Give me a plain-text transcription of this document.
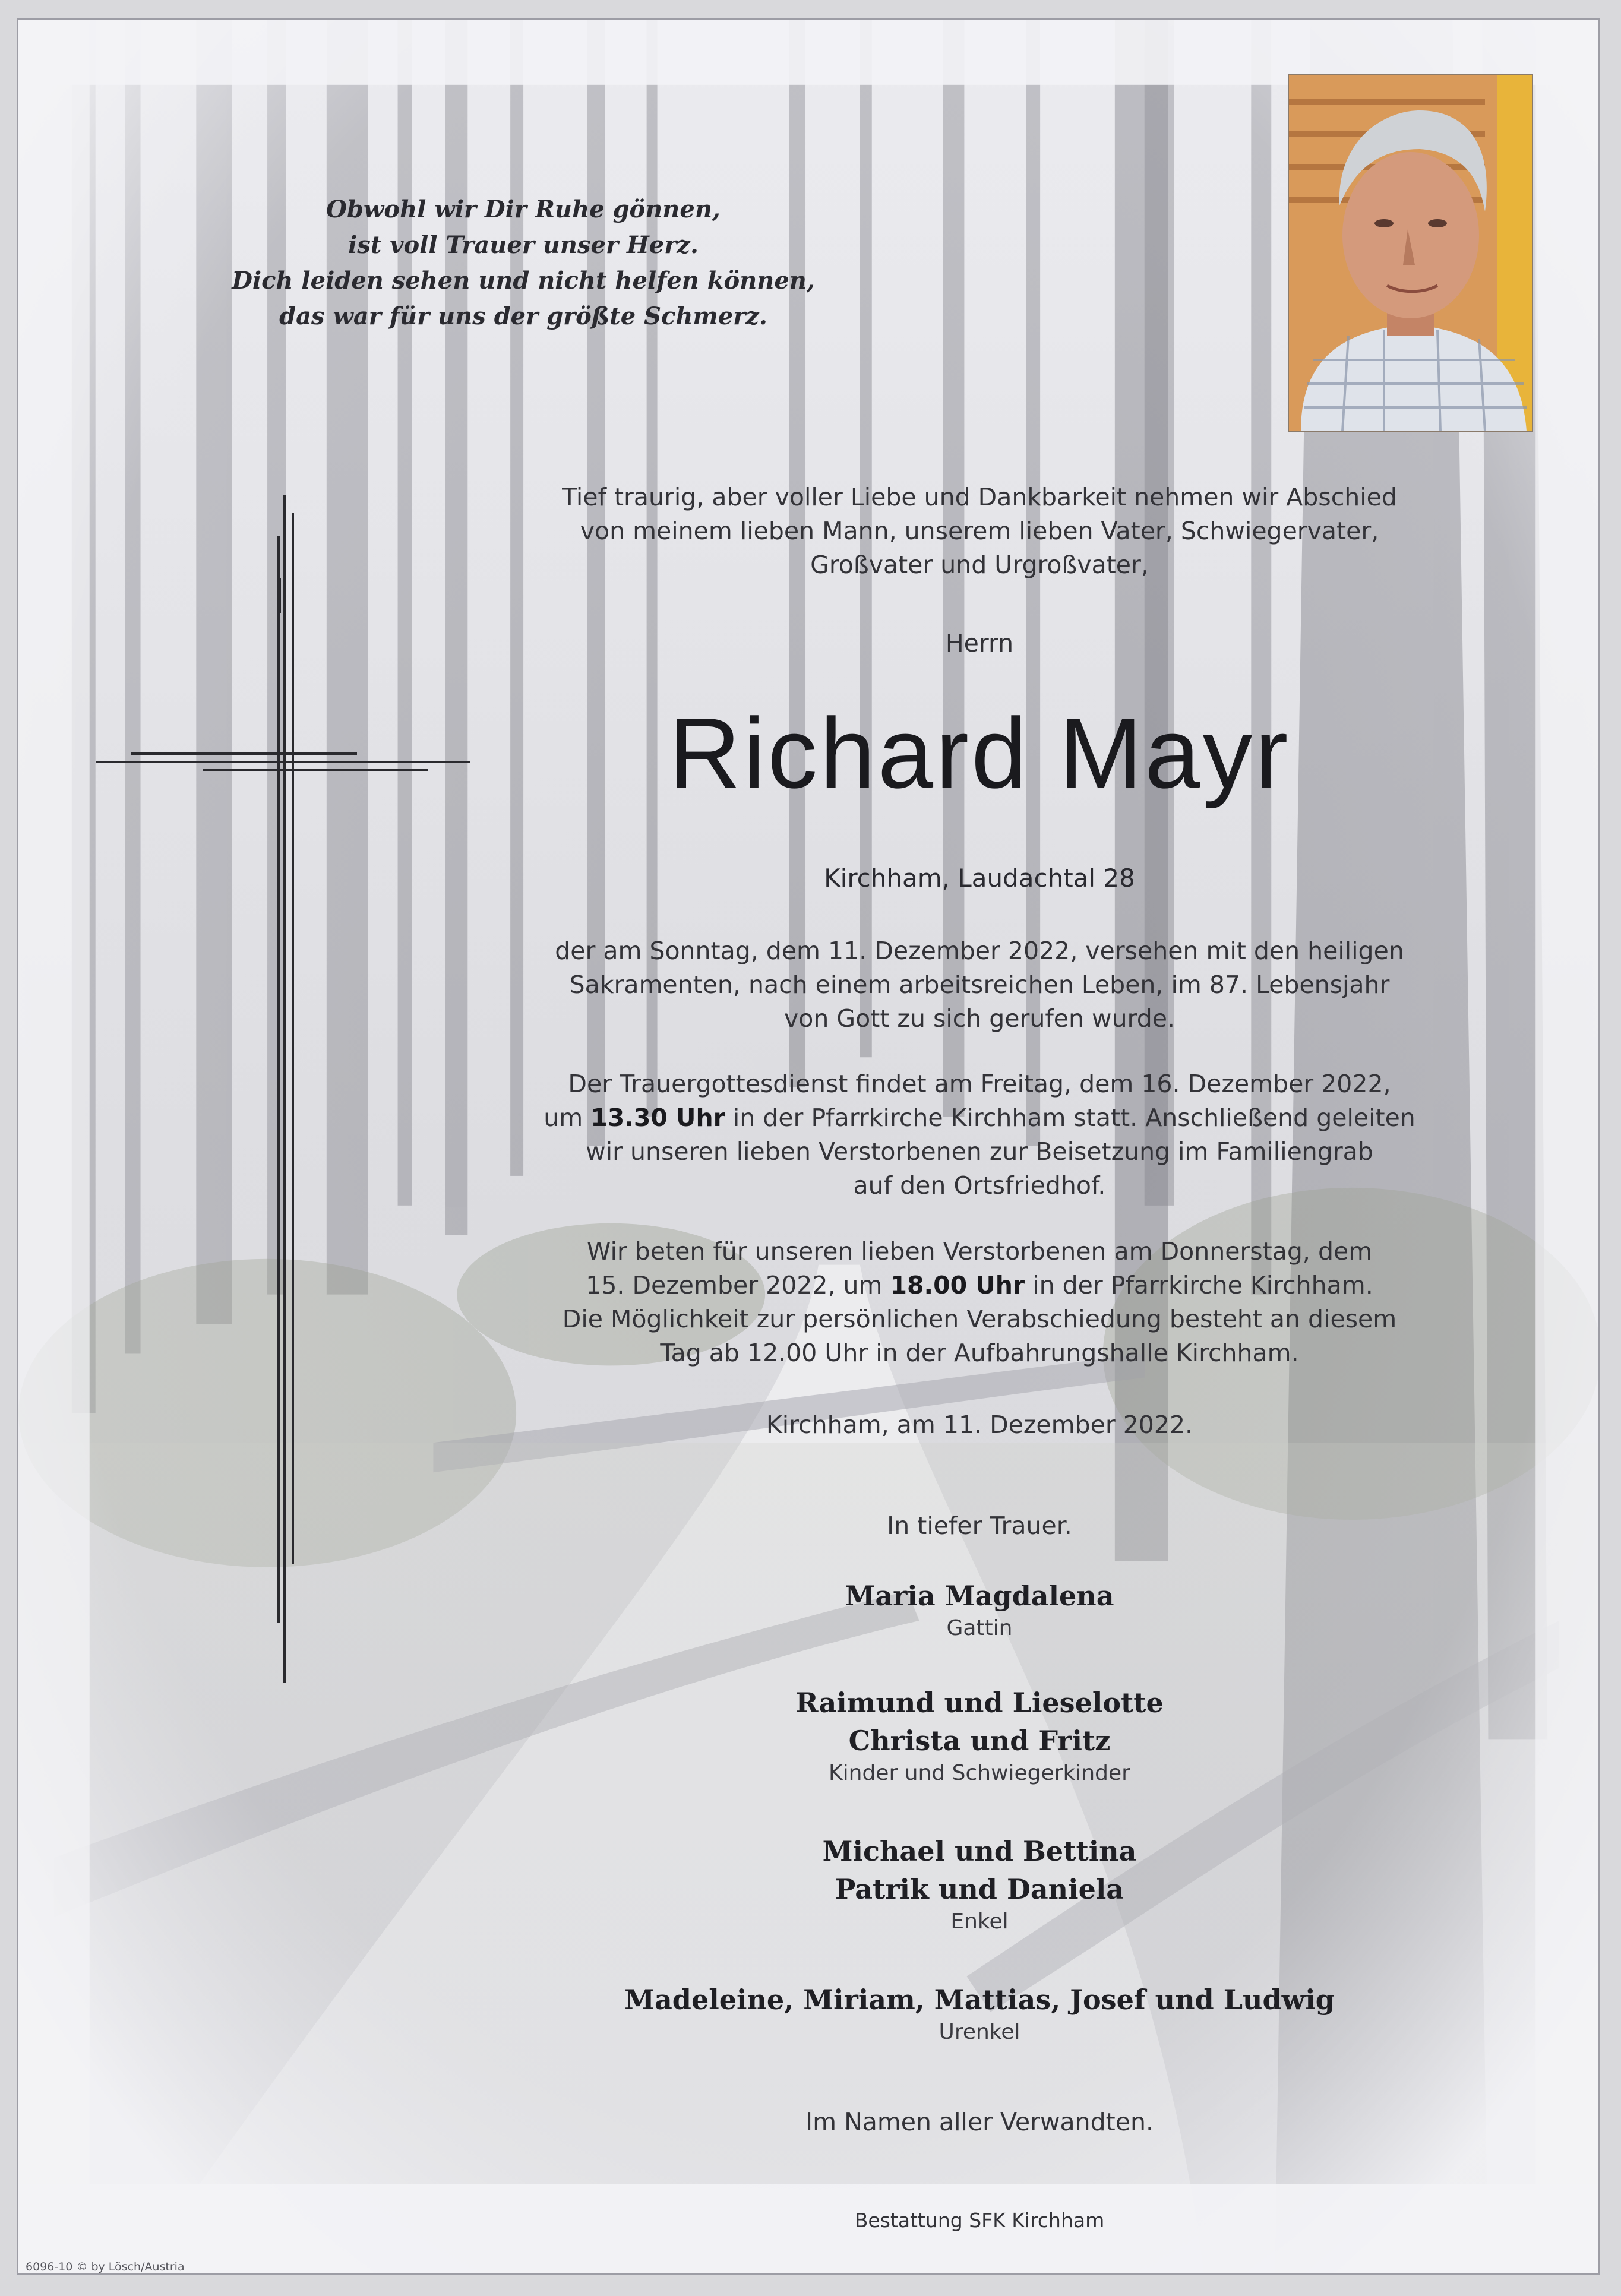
Obwohl wir Dir Ruhe gönnen,
ist voll Trauer unser Herz.
Dich leiden sehen und nicht helfen können,
das war für uns der größte Schmerz.
Tief traurig, aber voller Liebe und Dankbarkeit nehmen wir Abschied
von meinem lieben Mann, unserem lieben Vater, Schwiegervater,
Großvater und Urgroßvater,
Herrn
Richard Mayr
Kirchham, Laudachtal 28
der am Sonntag, dem 11. Dezember 2022, versehen mit den heiligen
Sakramenten, nach einem arbeitsreichen Leben, im 87. Lebensjahr
von Gott zu sich gerufen wurde.
Der Trauergottesdienst findet am Freitag, dem 16. Dezember 2022,
um 13.30 Uhr in der Pfarrkirche Kirchham statt. Anschließend geleiten
wir unseren lieben Verstorbenen zur Beisetzung im Familiengrab
auf den Ortsfriedhof.
Wir beten für unseren lieben Verstorbenen am Donnerstag, dem
15. Dezember 2022, um 18.00 Uhr in der Pfarrkirche Kirchham.
Die Möglichkeit zur persönlichen Verabschiedung besteht an diesem
Tag ab 12.00 Uhr in der Aufbahrungshalle Kirchham.
Kirchham, am 11. Dezember 2022.
In tiefer Trauer.
Maria Magdalena
Gattin
Raimund und Lieselotte
Christa und Fritz
Kinder und Schwiegerkinder
Michael und Bettina
Patrik und Daniela
Enkel
Madeleine, Miriam, Mattias, Josef und Ludwig
Urenkel
Im Namen aller Verwandten.
Bestattung SFK Kirchham
6096-10 © by Lösch/Austria
